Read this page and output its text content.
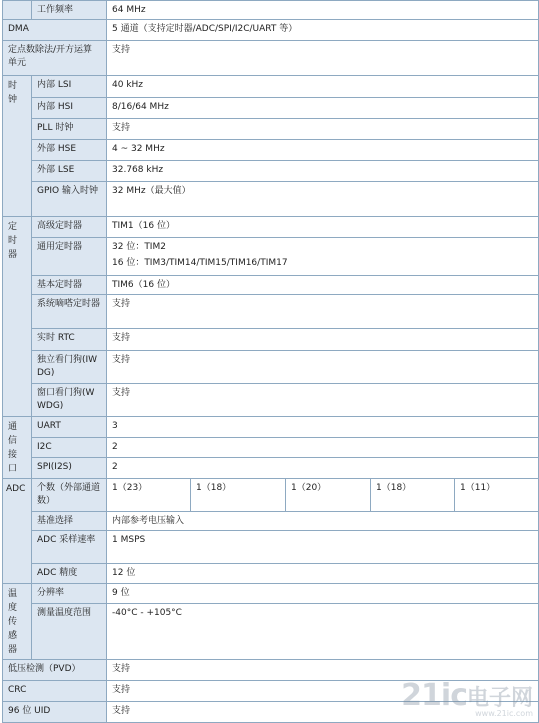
	工作频率	64 MHz				
DMA		5 通道（支持定时器/ADC/SPI/I2C/UART 等）				
定点数除法/开方运算单元		支持				

时钟	内部 LSI	40 kHz				
	内部 HSI	8/16/64 MHz				
	PLL 时钟	支持				
	外部 HSE	4 ~ 32 MHz				
	外部 LSE	32.768 kHz				
	GPIO 输入时钟	32 MHz（最大值）				

定时器	高级定时器	TIM1（16 位）				
	通用定时器	32 位：TIM2
16 位：TIM3/TIM14/TIM15/TIM16/TIM17				

	基本定时器	TIM6（16 位）				
	系统嘀嗒定时器	支持				
	实时 RTC	支持				
	独立看门狗(IWDG)	支持				
	窗口看门狗(WWDG)	支持				

通信接口	UART	3				
	I2C	2				
	SPI(I2S)	2				

ADC	个数（外部通道数）	1（23）	1（18）	1（20）	1（18）	1（11）
	基准选择	内部参考电压输入				
	ADC 采样速率	1 MSPS				
	ADC 精度	12 位				

温度传感器	分辨率	9 位				
	测量温度范围	-40°C - +105°C				
低压检测（PVD）		支持				
CRC		支持				
96 位 UID		支持					21ic电子网
www.21ic.com
